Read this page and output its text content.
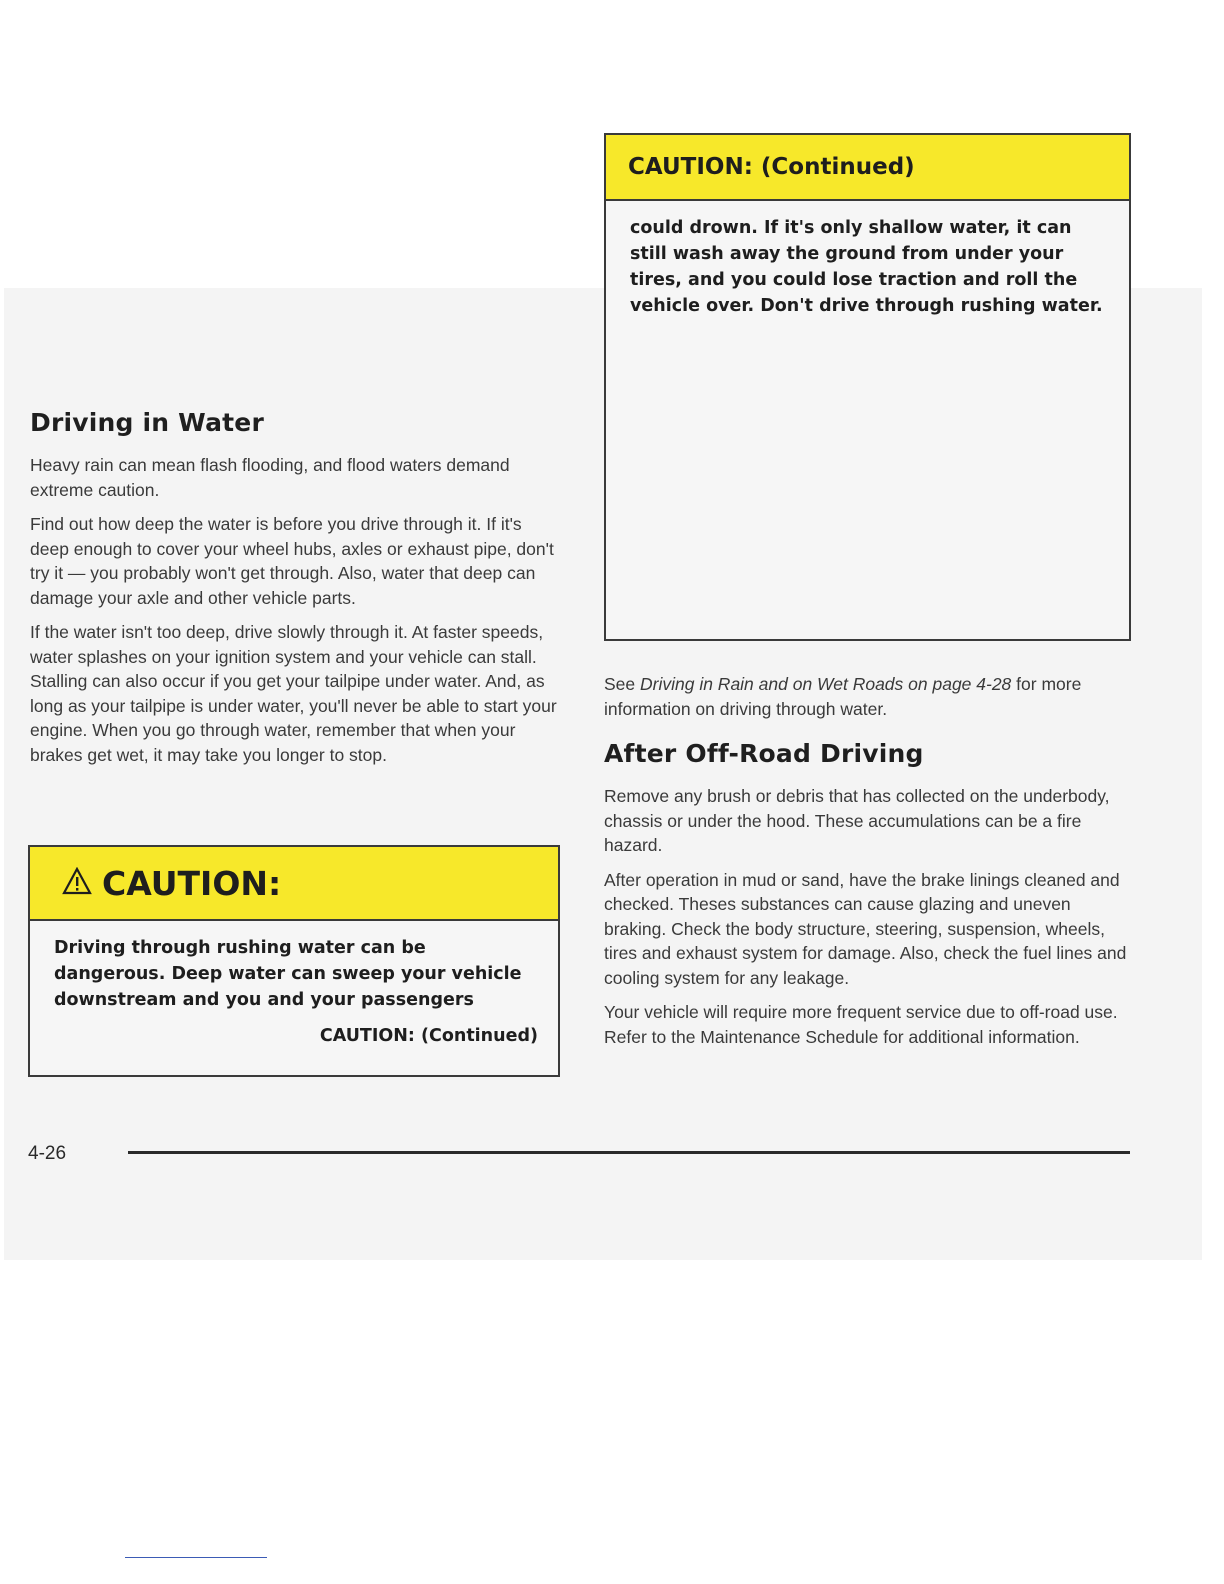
Driving in Water

Heavy rain can mean flash flooding, and flood waters demand extreme caution.

Find out how deep the water is before you drive through it. If it's deep enough to cover your wheel hubs, axles or exhaust pipe, don't try it — you probably won't get through. Also, water that deep can damage your axle and other vehicle parts.

If the water isn't too deep, drive slowly through it. At faster speeds, water splashes on your ignition system and your vehicle can stall. Stalling can also occur if you get your tailpipe under water. And, as long as your tailpipe is under water, you'll never be able to start your engine. When you go through water, remember that when your brakes get wet, it may take you longer to stop.

CAUTION:
Driving through rushing water can be dangerous. Deep water can sweep your vehicle downstream and you and your passengers
CAUTION: (Continued)
CAUTION: (Continued)
could drown. If it's only shallow water, it can still wash away the ground from under your tires, and you could lose traction and roll the vehicle over. Don't drive through rushing water.

See Driving in Rain and on Wet Roads on page 4-28 for more information on driving through water.

After Off-Road Driving

Remove any brush or debris that has collected on the underbody, chassis or under the hood. These accumulations can be a fire hazard.

After operation in mud or sand, have the brake linings cleaned and checked. Theses substances can cause glazing and uneven braking. Check the body structure, steering, suspension, wheels, tires and exhaust system for damage. Also, check the fuel lines and cooling system for any leakage.

Your vehicle will require more frequent service due to off-road use. Refer to the Maintenance Schedule for additional information.

4-26
